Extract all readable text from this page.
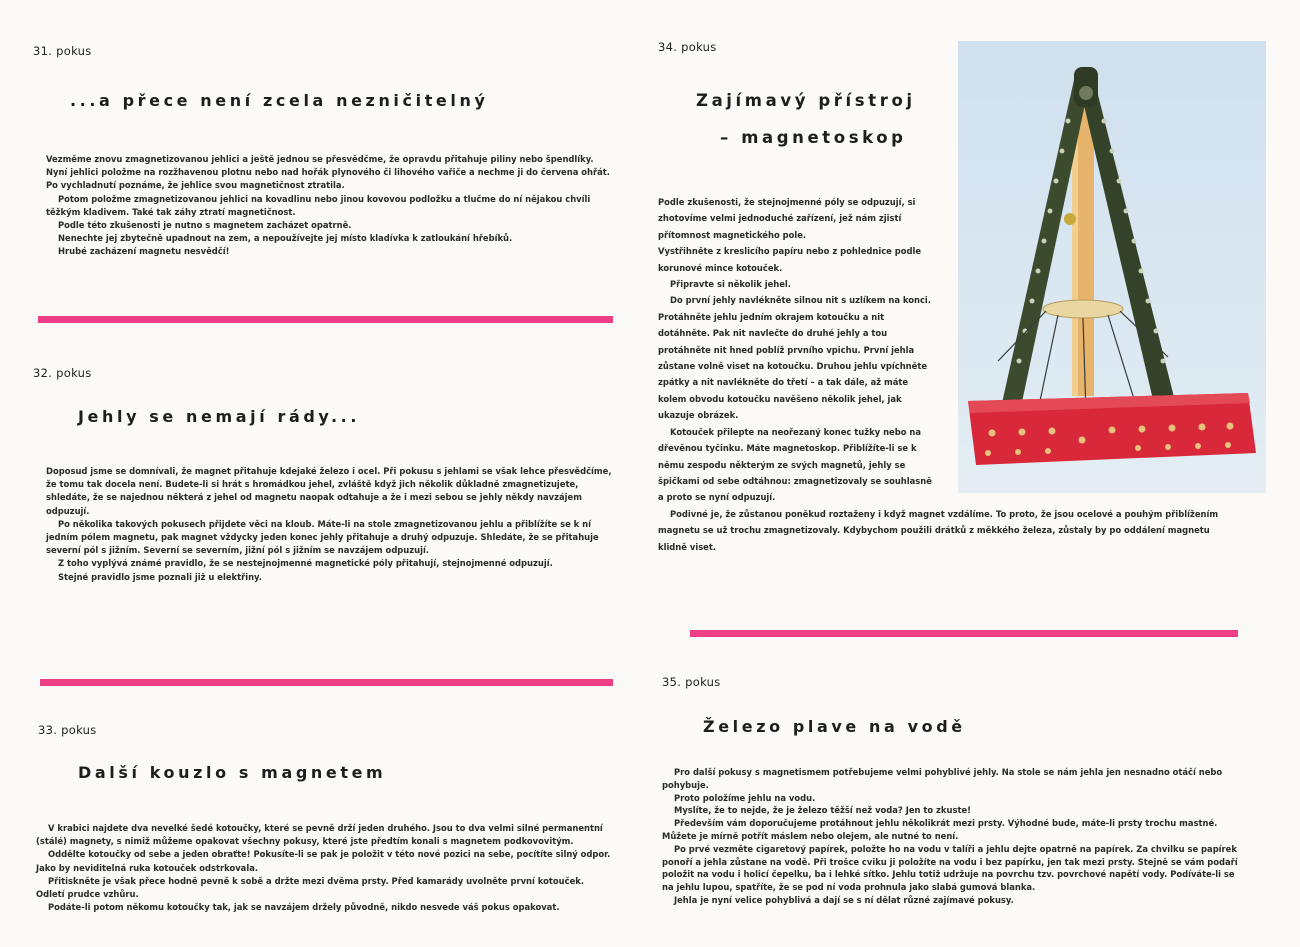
31. pokus
...a přece není zcela nezničitelný

Vezměme znovu zmagnetizovanou jehlici a ještě jednou se přesvědčme, že opravdu přitahuje piliny nebo špendlíky. Nyní jehlici položme na rozžhavenou plotnu nebo nad hořák plynového či lihového vařiče a nechme ji do červena ohřát. Po vychladnutí poznáme, že jehlice svou magnetičnost ztratila.

Potom položme zmagnetizovanou jehlici na kovadlinu nebo jinou kovovou podložku a tlučme do ní nějakou chvíli těžkým kladivem. Také tak záhy ztratí magnetičnost.

Podle této zkušenosti je nutno s magnetem zacházet opatrně.

Nenechte jej zbytečně upadnout na zem, a nepoužívejte jej místo kladívka k zatloukání hřebíků.

Hrubé zacházení magnetu nesvědčí!

32. pokus
Jehly se nemají rády...

Doposud jsme se domnívali, že magnet přitahuje kdejaké železo i ocel. Při pokusu s jehlami se však lehce přesvědčíme, že tomu tak docela není. Budete-li si hrát s hromádkou jehel, zvláště když jich několik důkladně zmagnetizujete, shledáte, že se najednou některá z jehel od magnetu naopak odtahuje a že i mezi sebou se jehly někdy navzájem odpuzují.

Po několika takových pokusech přijdete věci na kloub. Máte-li na stole zmagnetizovanou jehlu a přiblížíte se k ní jedním pólem magnetu, pak magnet vždycky jeden konec jehly přitahuje a druhý odpuzuje. Shledáte, že se přitahuje severní pól s jižním. Severní se severním, jižní pól s jižním se navzájem odpuzují.

Z toho vyplývá známé pravidlo, že se nestejnojmenné magnetické póly přitahují, stejnojmenné odpuzují.

Stejné pravidlo jsme poznali již u elektřiny.

33. pokus
Další kouzlo s magnetem

V krabici najdete dva nevelké šedé kotoučky, které se pevně drží jeden druhého. Jsou to dva velmi silné permanentní (stálé) magnety, s nimiž můžeme opakovat všechny pokusy, které jste předtím konali s magnetem podkovovitým.

Oddělte kotoučky od sebe a jeden obraťte! Pokusíte-li se pak je položit v této nové pozici na sebe, pocítíte silný odpor. Jako by neviditelná ruka kotouček odstrkovala.

Přitiskněte je však přece hodně pevně k sobě a držte mezi dvěma prsty. Před kamarády uvolněte první kotouček. Odletí prudce vzhůru.

Podáte-li potom někomu kotoučky tak, jak se navzájem držely původně, nikdo nesvede váš pokus opakovat.

34. pokus
Zajímavý přístroj
– magnetoskop

Podle zkušenosti, že stejnojmenné póly se odpuzují, si zhotovíme velmi jednoduché zařízení, jež nám zjistí přítomnost magnetického pole.

Vystřihněte z kreslicího papíru nebo z pohlednice podle korunové mince kotouček.

Připravte si několik jehel.

Do první jehly navlékněte silnou nit s uzlíkem na konci. Protáhněte jehlu jedním okrajem kotoučku a nit dotáhněte. Pak nit navlečte do druhé jehly a tou protáhněte nit hned poblíž prvního vpichu. První jehla zůstane volně viset na kotoučku. Druhou jehlu vpíchněte zpátky a nit navlékněte do třetí – a tak dále, až máte kolem obvodu kotoučku navěšeno několik jehel, jak ukazuje obrázek.

Kotouček přilepte na neořezaný konec tužky nebo na dřevěnou tyčinku. Máte magnetoskop. Přiblížíte-li se k němu zespodu některým ze svých magnetů, jehly se špičkami od sebe odtáhnou: zmagnetizovaly se souhlasně a proto se nyní odpuzují.

Podivné je, že zůstanou poněkud roztaženy i když magnet vzdálíme. To proto, že jsou ocelové a pouhým přiblížením magnetu se už trochu zmagnetizovaly. Kdybychom použili drátků z měkkého železa, zůstaly by po oddálení magnetu klidně viset.

35. pokus
Železo plave na vodě

Pro další pokusy s magnetismem potřebujeme velmi pohyblivé jehly. Na stole se nám jehla jen nesnadno otáčí nebo pohybuje.

Proto položíme jehlu na vodu.

Myslíte, že to nejde, že je železo těžší než voda? Jen to zkuste!

Především vám doporučujeme protáhnout jehlu několikrát mezi prsty. Výhodné bude, máte-li prsty trochu mastné. Můžete je mírně potřít máslem nebo olejem, ale nutné to není.

Po prvé vezměte cigaretový papírek, položte ho na vodu v talíři a jehlu dejte opatrně na papírek. Za chvilku se papírek ponoří a jehla zůstane na vodě. Při trošce cviku ji položíte na vodu i bez papírku, jen tak mezi prsty. Stejně se vám podaří položit na vodu i holicí čepelku, ba i lehké sítko. Jehlu totiž udržuje na povrchu tzv. povrchové napětí vody. Podíváte-li se na jehlu lupou, spatříte, že se pod ní voda prohnula jako slabá gumová blanka.

Jehla je nyní velice pohyblivá a dají se s ní dělat různé zajímavé pokusy.
